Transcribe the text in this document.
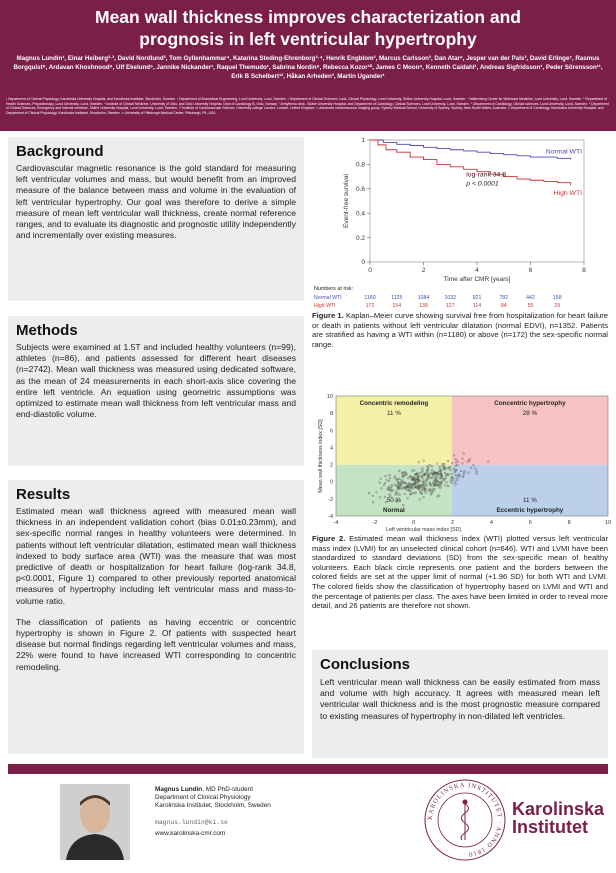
Mean wall thickness improves characterization and
prognosis in left ventricular hypertrophy
Magnus Lundin¹, Einar Heiberg²·³, David Nordlund³, Tom Gyllenhammar⁴, Katarina Steding-Ehrenborg³·⁴, Henrik Engblom³, Marcus Carlsson³, Dan Atar⁶, Jesper van der Pals³, David Erlinge⁷, Rasmus Borgquist⁸, Ardavan Khoshnood⁹, Ulf Ekelund⁹, Jannike Nickander¹, Raquel Themudo¹, Sabrina Nordin⁹, Rebecca Kozor¹⁰, James C Moon⁹, Kenneth Caidahl¹, Andreas Sigfridsson¹, Peder Sörensson¹¹, Erik B Schelbert¹², Håkan Arheden³, Martin Ugander¹
¹ Department of Clinical Physiology, Karolinska University Hospital, and Karolinska Institutet, Stockholm, Sweden. ² Department of Biomedical Engineering, Lund University, Lund, Sweden. ³ Department of Clinical Sciences Lund, Clinical Physiology, Lund University, Skåne University Hospital, Lund, Sweden. ⁴ Wallenberg Center for Molecular Medicine, Lund University, Lund, Sweden. ⁵ Department of Health Sciences, Physiotherapy, Lund University, Lund, Sweden. ⁶ Institute of Clinical Medicine, University of Oslo, and Oslo University Hospital, Dept of Cardiology B, Oslo, Norway. ⁷ Arrhythmia clinic, Skåne University Hospital, and Department of Cardiology, Clinical Sciences, Lund University, Lund, Sweden. ⁸ Department of Cardiology, Clinical sciences, Lund University, Lund, Sweden. ⁹ Department of Clinical Sciences, Emergency and Internal medicine, Skåne University Hospital, Lund University, Lund, Sweden. ¹⁰ Institute of Cardiovascular Science, University college London, London, United Kingdom. ¹¹ Advanced cardiovascular imaging group, Sydney Medical School, University of Sydney, Sydney, New South Wales, Australia. ¹² Department of Cardiology, Karolinska University Hospital, and Department of Clinical Physiology, Karolinska Institutet, Stockholm, Sweden. ¹³ University of Pittsburgh Medical Center, Pittsburgh, PA, USA.
Background

Cardiovascular magnetic resonance is the gold standard for measuring left ventricular volumes and mass, but would benefit from an improved measure of the balance between mass and volume in the evaluation of left ventricular hypertrophy. Our goal was therefore to derive a simple measure of mean left ventricular wall thickness, create normal reference ranges, and to evaluate its diagnostic and prognostic utility independently and incrementally over existing measures.

Methods

Subjects were examined at 1.5T and included healthy volunteers (n=99), athletes (n=86), and patients assessed for different heart diseases (n=2742). Mean wall thickness was measured using dedicated software, as the mean of 24 measurements in each short-axis slice covering the entire left ventricle. An equation using geometric assumptions was optimized to estimate mean wall thickness from left ventricular mass and end-diastolic volume.

Results

Estimated mean wall thickness agreed with measured mean wall thickness in an independent validation cohort (bias 0.01±0.23mm), and sex-specific normal ranges in healthy volunteers were determined. In patients without left ventricular dilatation, estimated mean wall thickness indexed to body surface area (WTI) was the measure that was most predictive of death or hospitalization for heart failure (log-rank 34.8, p<0.0001, Figure 1) compared to other previously reported anatomical measures of hypertrophy including left ventricular mass and mass-to-volume ratio.

The classification of patients as having eccentric or concentric hypertrophy is shown in Figure 2. Of patients with suspected heart disease but normal findings regarding left ventricular volumes and mass, 22% were found to have increased WTI corresponding to concentric remodeling.

0	2	4	6	8
0
0.2
0.4
0.6
0.8
1
Time after CMR [years]
Event-free survival
Normal WTI
High WTI
log-rank 34.8
p < 0.0001
Numbers at risk:
Normal WTI	1180	1125	1084	1032	921	782	442	158
High WTI	172	154	138	127	114	84	55	29
Figure 1. Kaplan–Meier curve showing survival free from hospitalization for heart failure or death in patients without left ventricular dilatation (normal EDVI), n=1352. Patients are stratified as having a WTI within (n=1180) or above (n=172) the sex-specific normal range.
-4	-2	0	2	4	6	8	10
-4
-2
0
2
4
6
8
10
Left ventricular mass index [SD]
Mean wall thickness index [SD]
Concentric remodeling
11 %
Concentric hypertrophy
28 %
Normal
50 %
Eccentric hypertrophy
11 %
Figure 2. Estimated mean wall thickness index (WTI) plotted versus left ventricular mass index (LVMI) for an unselected clinical cohort (n=646). WTI and LVMI have been standardized to standard deviations (SD) from the sex-specific mean of healthy volunteers. Each black circle represents one patient and the borders between the colored fields are set at the upper limit of normal (+1.96 SD) for both WTI and LVMI. The colored fields show the classification of hypertrophy based on LVMI and WTI and the percentage of patients per class. The axes have been limited in order to reveal more detail, and 26 patients are therefore not shown.
Conclusions

Left ventricular mean wall thickness can be easily estimated from mass and volume with high accuracy. It agrees with measured mean left ventricular wall thickness and is the most prognostic measure compared to existing measures of hypertrophy in non-dilated left ventricles.

Magnus Lundin, MD PhD-student
Department of Clinical Physiology
Karolinska Institutet, Stockholm, Sweden
magnus.lundin@ki.se
www.karolinska-cmr.com
KAROLINSKA INSTITUTET · ANNO 1810
Karolinska
Institutet
